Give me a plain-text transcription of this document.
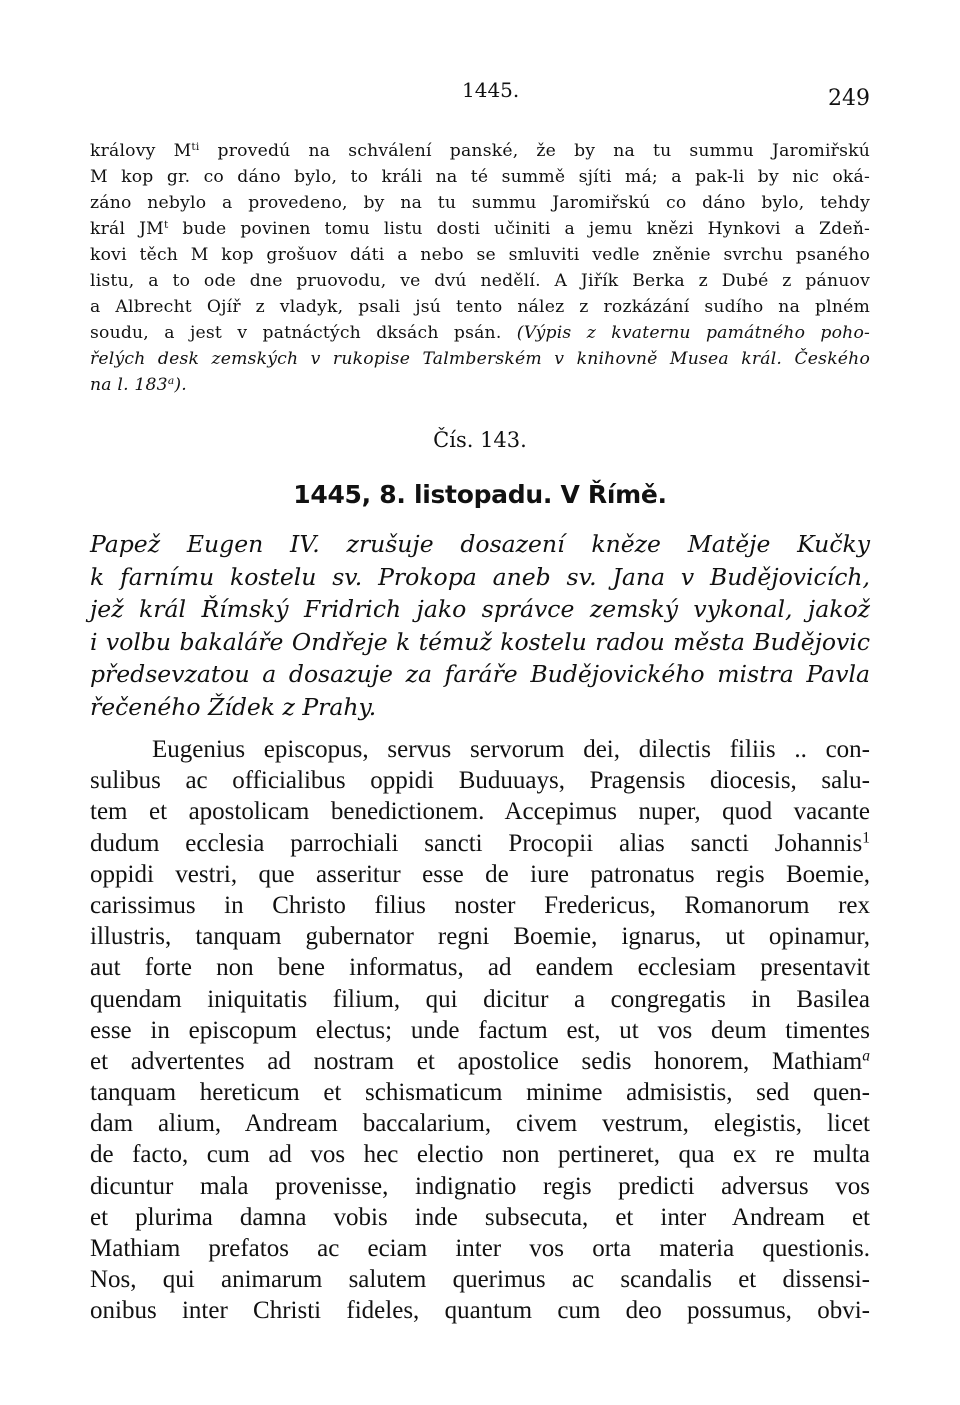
1445.	249
královy $M^{ti}$ provedú na schválení panské, že by na tu summu Jaromiřskú
M kop gr. co dáno bylo, to králi na té summě sjíti má; a pak-li by nic oká-
záno nebylo a provedeno, by na tu summu Jaromiřskú co dáno bylo, tehdy
král $JM^t$ bude povinen tomu listu dosti učiniti a jemu knězi Hynkovi a Zdeň-
kovi těch M kop grošuov dáti a nebo se smluviti vedle zněnie svrchu psaného
listu, a to ode dne pruovodu, ve dvú nedělí. A Jiřík Berka z Dubé z pánuov
a Albrecht Ojíř z vladyk, psali jsú tento nález z rozkázání sudího na plném
soudu, a jest v patnáctých dksách psán. (Výpis z kvaternu památného poho-
řelých desk zemských v rukopise Talmberském v knihovně Musea král. Českého
na l. 183$^a$).
Čís. 143.
1445, 8. listopadu. V Římě.
Papež Eugen IV. zrušuje dosazení kněze Matěje Kučky
k farnímu kostelu sv. Prokopa aneb sv. Jana v Budějovicích,
jež král Římský Fridrich jako správce zemský vykonal, jakož
i volbu bakaláře Ondřeje k témuž kostelu radou města Budějovic
předsevzatou a dosazuje za faráře Budějovického mistra Pavla
řečeného Žídek z Prahy.
Eugenius episcopus, servus servorum dei, dilectis filiis .. con-
sulibus ac officialibus oppidi Buduuays, Pragensis diocesis, salu-
tem et apostolicam benedictionem. Accepimus nuper, quod vacante
dudum ecclesia parrochiali sancti Procopii alias sancti Johannis$^1$
oppidi vestri, que asseritur esse de iure patronatus regis Boemie,
carissimus in Christo filius noster Fredericus, Romanorum rex
illustris, tanquam gubernator regni Boemie, ignarus, ut opinamur,
aut forte non bene informatus, ad eandem ecclesiam presentavit
quendam iniquitatis filium, qui dicitur a congregatis in Basilea
esse in episcopum electus; unde factum est, ut vos deum timentes
et advertentes ad nostram et apostolice sedis honorem, Mathiam$^a$
tanquam hereticum et schismaticum minime admisistis, sed quen-
dam alium, Andream baccalarium, civem vestrum, elegistis, licet
de facto, cum ad vos hec electio non pertineret, qua ex re multa
dicuntur mala provenisse, indignatio regis predicti adversus vos
et plurima damna vobis inde subsecuta, et inter Andream et
Mathiam prefatos ac eciam inter vos orta materia questionis.
Nos, qui animarum salutem querimus ac scandalis et dissensi-
onibus inter Christi fideles, quantum cum deo possumus, obvi-
